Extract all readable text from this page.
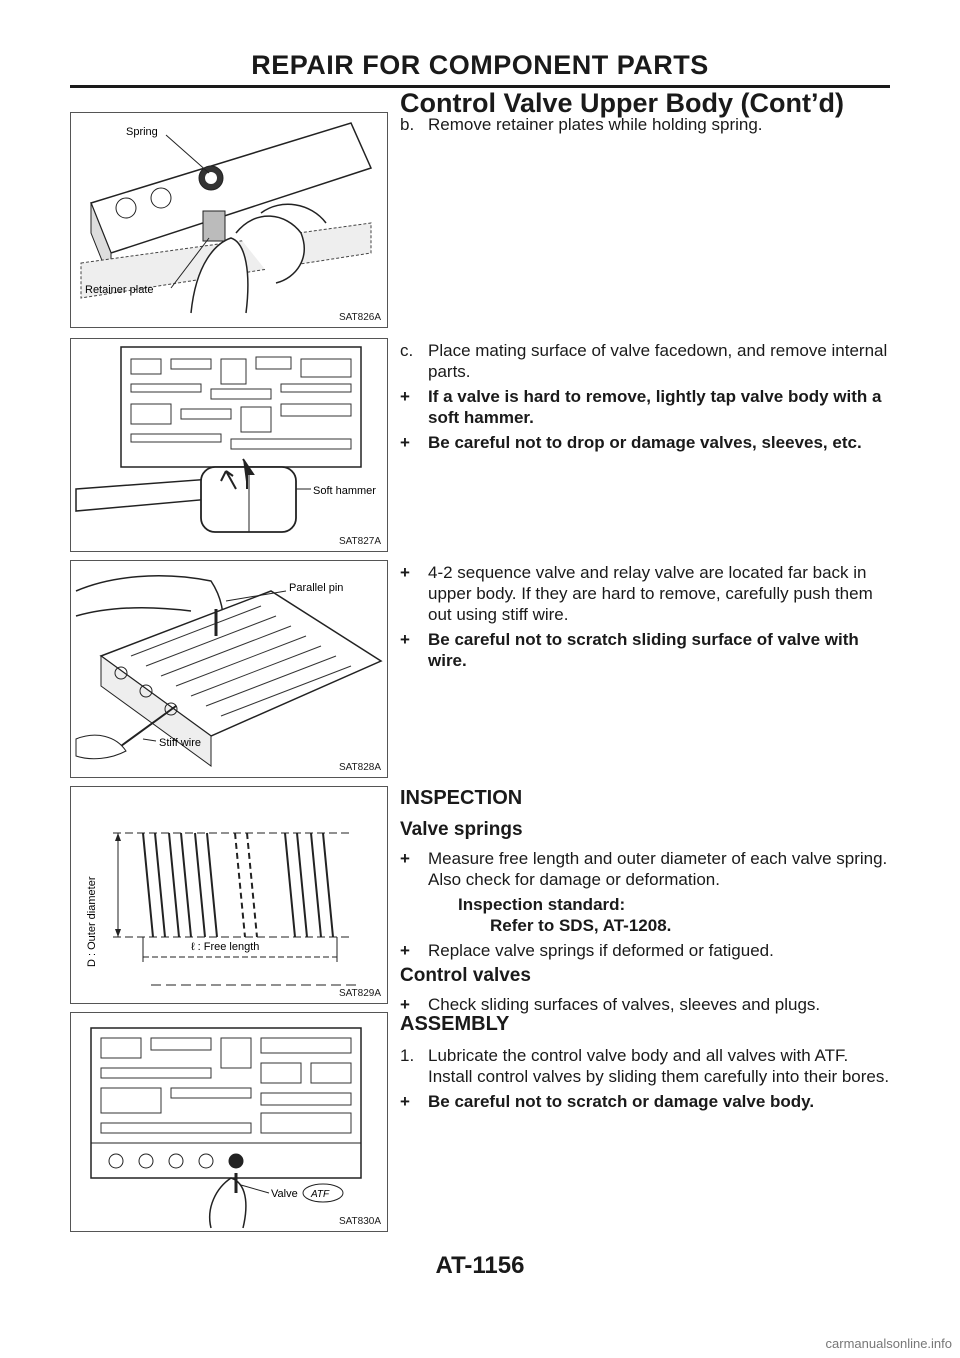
REPAIR FOR COMPONENT PARTS
Control Valve Upper Body (Cont’d)
Spring
Retainer plate
SAT826A
Soft hammer
SAT827A
Parallel pin
Stiff wire
SAT828A
D : Outer diameter	ℓ : Free length
SAT829A
Valve ATF
SAT830A

b. Remove retainer plates while holding spring.

c. Place mating surface of valve facedown, and remove internal parts.

+ If a valve is hard to remove, lightly tap valve body with a soft hammer.

+ Be careful not to drop or damage valves, sleeves, etc.

+ 4-2 sequence valve and relay valve are located far back in upper body. If they are hard to remove, carefully push them out using stiff wire.

+ Be careful not to scratch sliding surface of valve with wire.

INSPECTION
Valve springs

+ Measure free length and outer diameter of each valve spring. Also check for damage or deformation.

Inspection standard:

Refer to SDS, AT-1208.

+ Replace valve springs if deformed or fatigued.

Control valves

+ Check sliding surfaces of valves, sleeves and plugs.

ASSEMBLY

1. Lubricate the control valve body and all valves with ATF. Install control valves by sliding them carefully into their bores.

+ Be careful not to scratch or damage valve body.

AT-1156
carmanualsonline.info
